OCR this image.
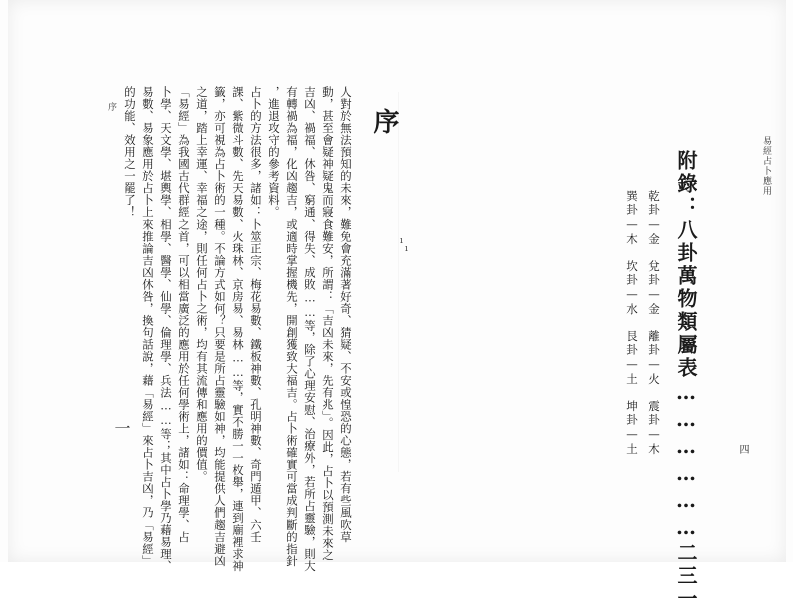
易經占卜應用
附錄：八卦萬物類屬表………………二三一
乾卦—金　兌卦—金　離卦—火　震卦—木
巽卦—木　坎卦—水　艮卦—土　坤卦—土	四
ı
ı
序
人對於無法預知的未來，難免會充滿著好奇、猜疑、不安或惶恐的心態，若有些風吹草
動，甚至會疑神疑鬼而寢食難安，所謂：「吉凶未來，先有兆」。因此，占卜以預測未來之
吉凶、禍福、休咎、窮通、得失、成敗……等，除了心理安慰、治療外，若所占靈驗，則大
有轉禍為福，化凶趨吉，或適時掌握機先，開創獲致大福吉。占卜術確實可當成判斷的指針
，進退攻守的參考資料。
占卜的方法很多，諸如：卜筮正宗、梅花易數、鐵板神數、孔明神數、奇門遁甲、六壬
課、紫微斗數、先天易數、火珠林、京房易、易林……等，實不勝一一枚舉，連到廟裡求神
籤，亦可視為占卜術的一種。不論方式如何？只要是所占靈驗如神，均能提供人們趨吉避凶
之道，踏上幸運、幸福之途，則任何占卜之術，均有其流傳和應用的價值。
「易經」為我國古代群經之首，可以相當廣泛的應用於任何學術上，諸如：命理學、占
卜學、天文學、堪輿學、相學、醫學、仙學、倫理學、兵法……等；其中占卜學乃藉易理、
易數、易象應用於占卜上來推論吉凶休咎，換句話說，藉「易經」來占卜吉凶，乃「易經」
的功能、效用之一罷了！
序
一
